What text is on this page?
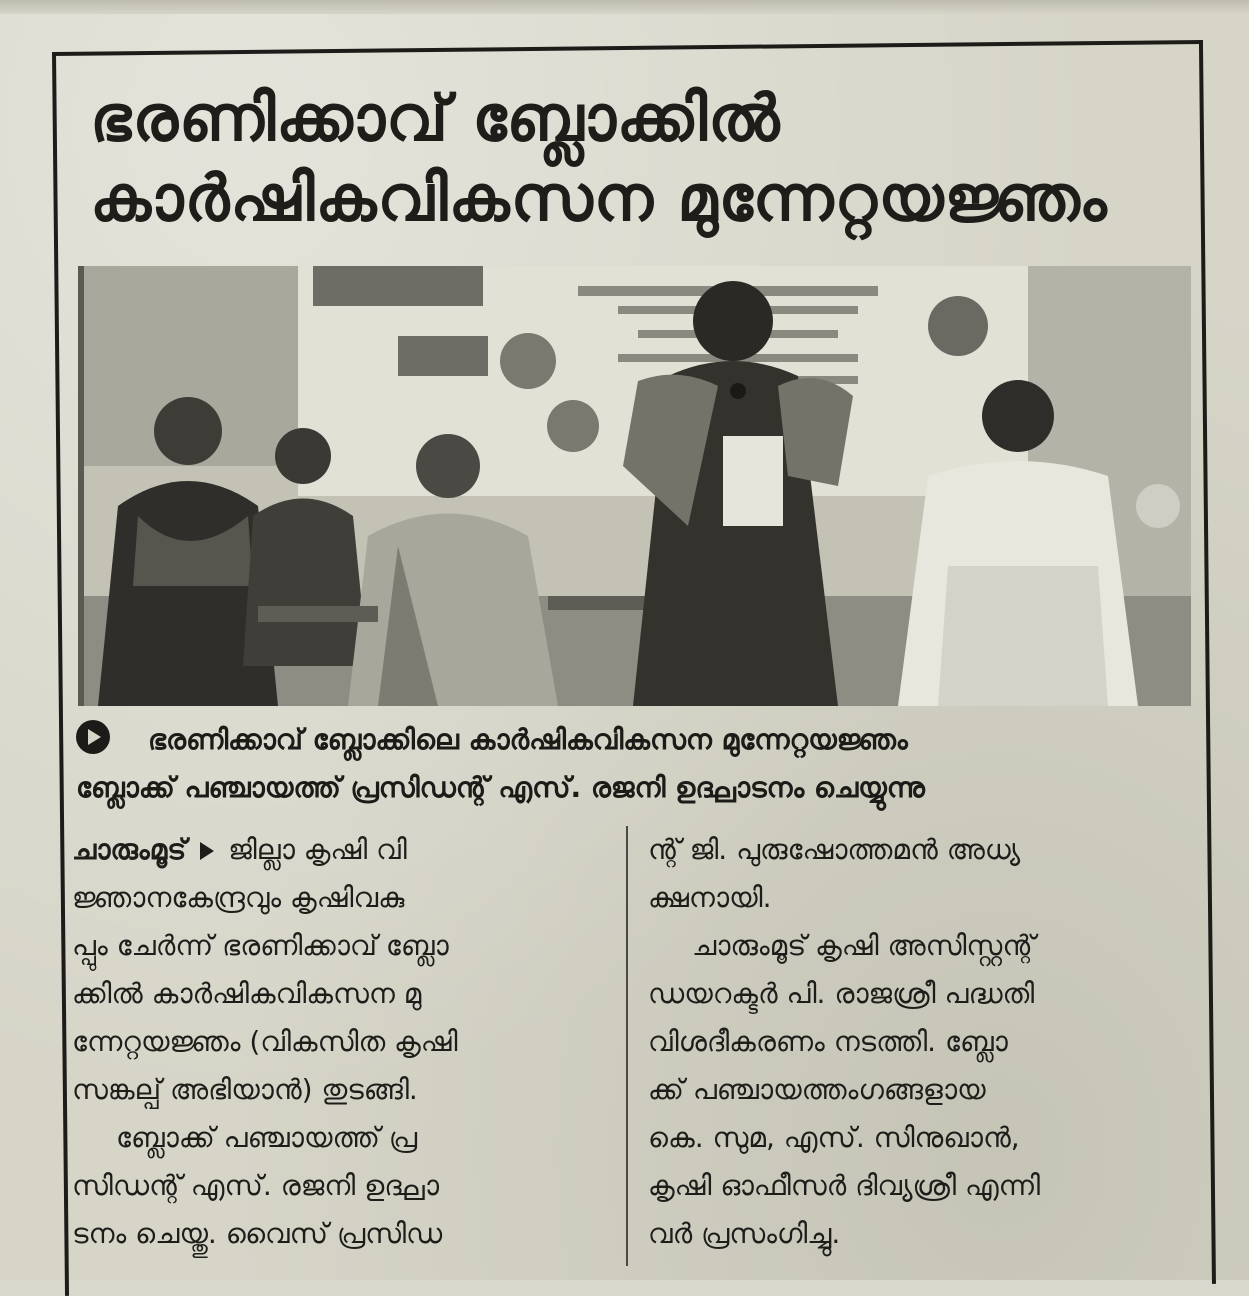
ഭരണിക്കാവ് ബ്ലോക്കിൽ
കാർഷികവികസന മുന്നേറ്റയജ്ഞം
ഭരണിക്കാവ് ബ്ലോക്കിലെ കാർഷികവികസന മുന്നേറ്റയജ്ഞം
ബ്ലോക്ക് പഞ്ചായത്ത് പ്രസിഡന്റ് എസ്. രജനി ഉദ്ഘാടനം ചെയ്യുന്നു
ചാരുംമൂട് ജില്ലാ കൃഷി വി
ജ്ഞാനകേന്ദ്രവും കൃഷിവകു
പ്പും ചേർന്ന് ഭരണിക്കാവ് ബ്ലോ
ക്കിൽ കാർഷികവികസന മു
ന്നേറ്റയജ്ഞം (വികസിത കൃഷി
സങ്കല്പ് അഭിയാൻ) തുടങ്ങി.
ബ്ലോക്ക് പഞ്ചായത്ത് പ്ര
സിഡന്റ് എസ്. രജനി ഉദ്ഘാ
ടനം ചെയ്തു. വൈസ് പ്രസിഡ
ന്റ് ജി. പുരുഷോത്തമൻ അധ്യ
ക്ഷനായി.
ചാരുംമൂട് കൃഷി അസിസ്റ്റന്റ്
ഡയറക്ടർ പി. രാജശ്രീ പദ്ധതി
വിശദീകരണം നടത്തി. ബ്ലോ
ക്ക് പഞ്ചായത്തംഗങ്ങളായ
കെ. സുമ, എസ്. സിനുഖാൻ,
കൃഷി ഓഫീസർ ദിവ്യശ്രീ എന്നി
വർ പ്രസംഗിച്ചു.
